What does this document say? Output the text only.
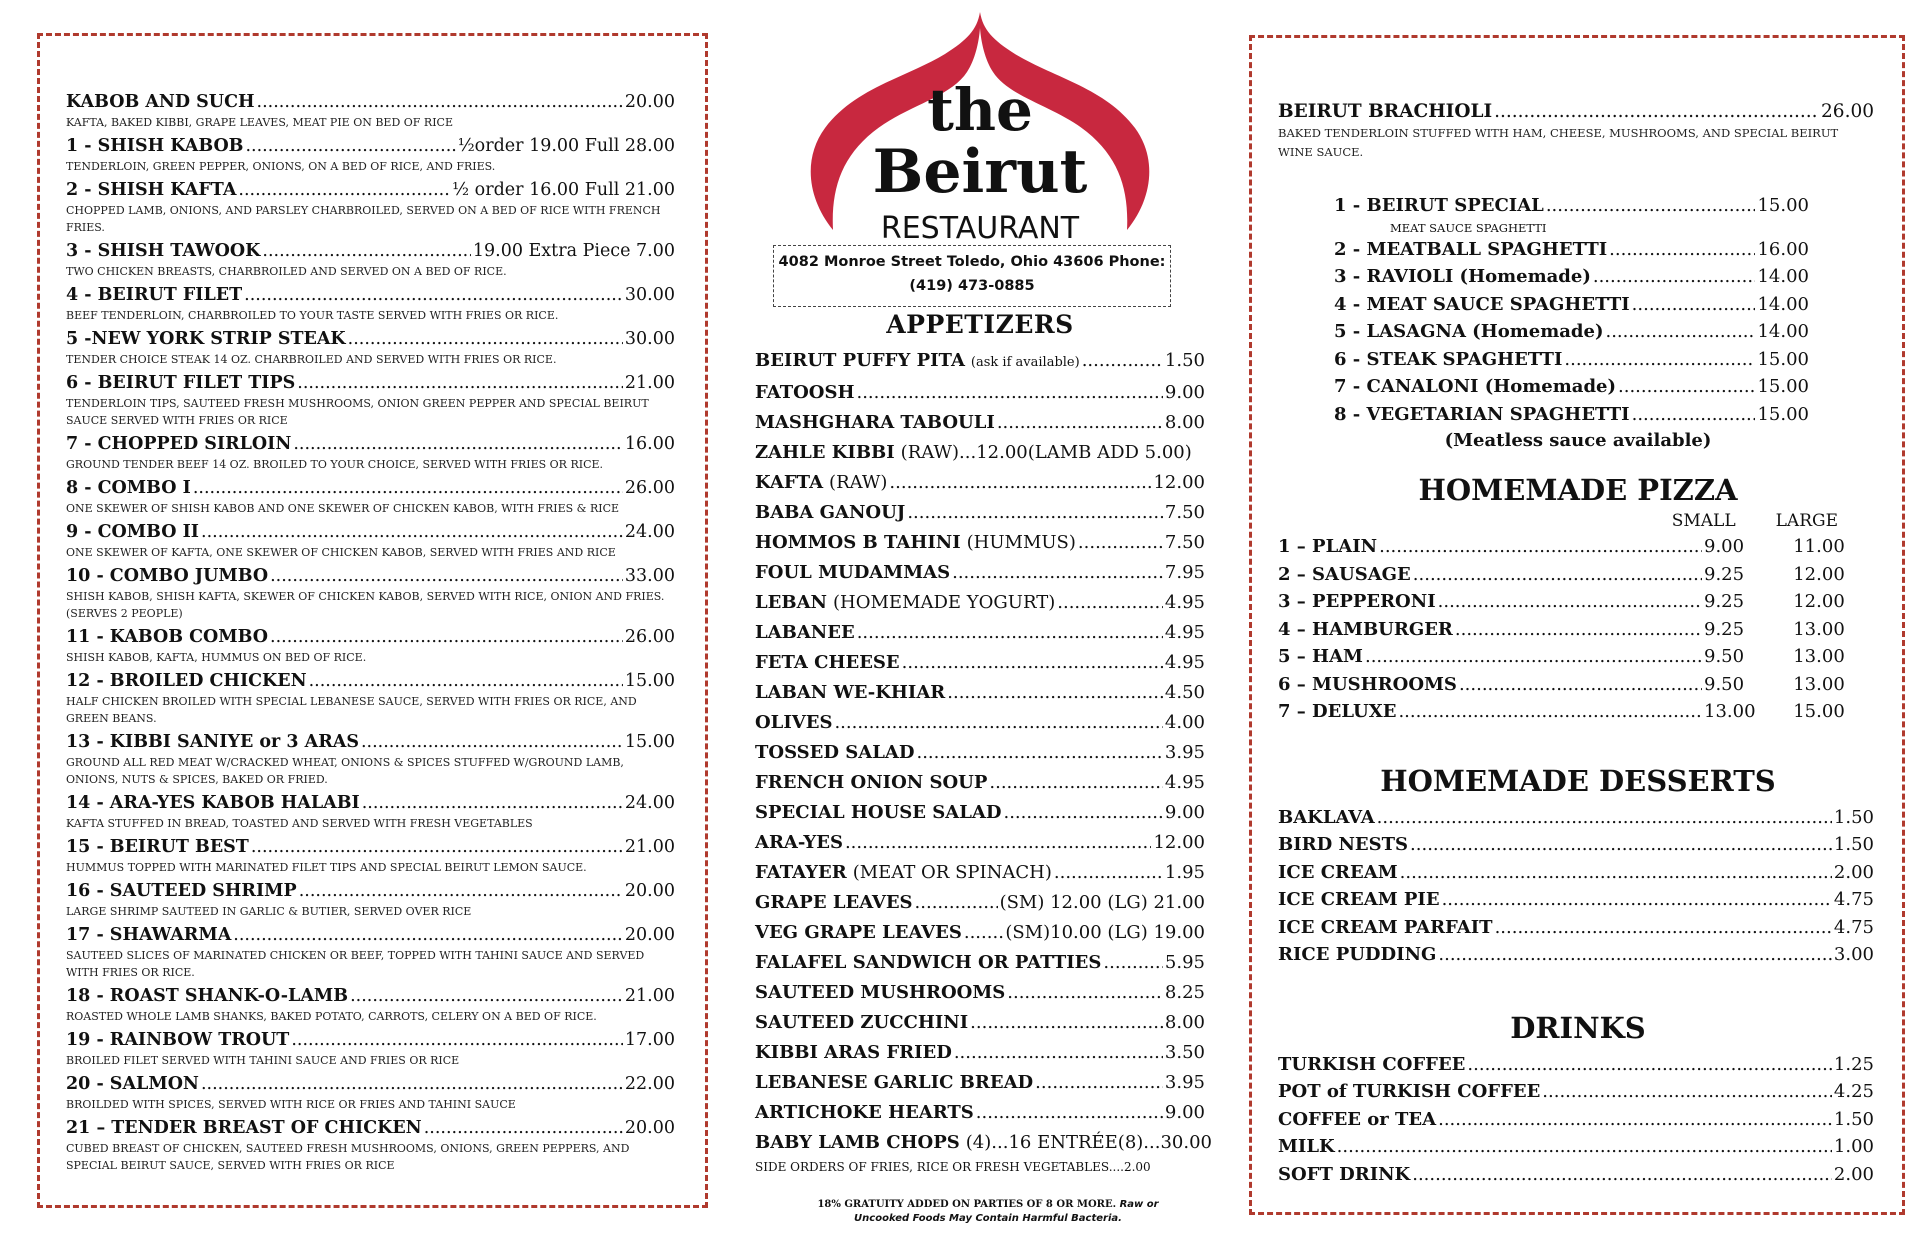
KABOB AND SUCH .....	20.00
KAFTA, BAKED KIBBI, GRAPE LEAVES, MEAT PIE ON BED OF RICE
1 - SHISH KABOB .....	½order 19.00 Full 28.00
TENDERLOIN, GREEN PEPPER, ONIONS, ON A BED OF RICE, AND FRIES.
2 - SHISH KAFTA .....	½ order 16.00 Full 21.00
CHOPPED LAMB, ONIONS, AND PARSLEY CHARBROILED, SERVED ON A BED OF RICE WITH FRENCH FRIES.
3 - SHISH TAWOOK .....	19.00 Extra Piece 7.00
TWO CHICKEN BREASTS, CHARBROILED AND SERVED ON A BED OF RICE.
4 - BEIRUT FILET .....	30.00
BEEF TENDERLOIN, CHARBROILED TO YOUR TASTE SERVED WITH FRIES OR RICE.
5 -NEW YORK STRIP STEAK .....	30.00
TENDER CHOICE STEAK 14 OZ. CHARBROILED AND SERVED WITH FRIES OR RICE.
6 - BEIRUT FILET TIPS .....	21.00
TENDERLOIN TIPS, SAUTEED FRESH MUSHROOMS, ONION GREEN PEPPER AND SPECIAL BEIRUT SAUCE SERVED WITH FRIES OR RICE
7 - CHOPPED SIRLOIN .....	16.00
GROUND TENDER BEEF 14 OZ. BROILED TO YOUR CHOICE, SERVED WITH FRIES OR RICE.
8 - COMBO I .....	26.00
ONE SKEWER OF SHISH KABOB AND ONE SKEWER OF CHICKEN KABOB, WITH FRIES & RICE
9 - COMBO II .....	24.00
ONE SKEWER OF KAFTA, ONE SKEWER OF CHICKEN KABOB, SERVED WITH FRIES AND RICE
10 - COMBO JUMBO .....	33.00
SHISH KABOB, SHISH KAFTA, SKEWER OF CHICKEN KABOB, SERVED WITH RICE, ONION AND FRIES. (SERVES 2 PEOPLE)
11 - KABOB COMBO .....	26.00
SHISH KABOB, KAFTA, HUMMUS ON BED OF RICE.
12 - BROILED CHICKEN .....	15.00
HALF CHICKEN BROILED WITH SPECIAL LEBANESE SAUCE, SERVED WITH FRIES OR RICE, AND GREEN BEANS.
13 - KIBBI SANIYE or 3 ARAS .....	15.00
GROUND ALL RED MEAT W/CRACKED WHEAT, ONIONS & SPICES STUFFED W/GROUND LAMB, ONIONS, NUTS & SPICES, BAKED OR FRIED.
14 - ARA-YES KABOB HALABI .....	24.00
KAFTA STUFFED IN BREAD, TOASTED AND SERVED WITH FRESH VEGETABLES
15 - BEIRUT BEST .....	21.00
HUMMUS TOPPED WITH MARINATED FILET TIPS AND SPECIAL BEIRUT LEMON SAUCE.
16 - SAUTEED SHRIMP .....	20.00
LARGE SHRIMP SAUTEED IN GARLIC & BUTIER, SERVED OVER RICE
17 - SHAWARMA .....	20.00
SAUTEED SLICES OF MARINATED CHICKEN OR BEEF, TOPPED WITH TAHINI SAUCE AND SERVED WITH FRIES OR RICE.
18 - ROAST SHANK-O-LAMB .....	21.00
ROASTED WHOLE LAMB SHANKS, BAKED POTATO, CARROTS, CELERY ON A BED OF RICE.
19 - RAINBOW TROUT .....	17.00
BROILED FILET SERVED WITH TAHINI SAUCE AND FRIES OR RICE
20 - SALMON .....	22.00
BROILDED WITH SPICES, SERVED WITH RICE OR FRIES AND TAHINI SAUCE
21 – TENDER BREAST OF CHICKEN .....	20.00
CUBED BREAST OF CHICKEN, SAUTEED FRESH MUSHROOMS, ONIONS, GREEN PEPPERS, AND SPECIAL BEIRUT SAUCE, SERVED WITH FRIES OR RICE
the
Beirut
RESTAURANT
4082 Monroe Street Toledo, Ohio 43606 Phone:
(419) 473-0885
APPETIZERS
BEIRUT PUFFY PITA (ask if available) .....	1.50
FATOOSH .....	9.00
MASHGHARA TABOULI .....	8.00
ZAHLE KIBBI (RAW)...12.00(LAMB ADD 5.00)
KAFTA (RAW) .....	12.00
BABA GANOUJ .....	7.50
HOMMOS B TAHINI (HUMMUS) .....	7.50
FOUL MUDAMMAS .....	7.95
LEBAN (HOMEMADE YOGURT) .....	4.95
LABANEE .....	4.95
FETA CHEESE .....	4.95
LABAN WE-KHIAR .....	4.50
OLIVES .....	4.00
TOSSED SALAD .....	3.95
FRENCH ONION SOUP .....	4.95
SPECIAL HOUSE SALAD .....	9.00
ARA-YES .....	12.00
FATAYER (MEAT OR SPINACH) .....	1.95
GRAPE LEAVES .....	(SM) 12.00 (LG) 21.00
VEG GRAPE LEAVES ..... (SM)10.00 (LG) 19.00
FALAFEL SANDWICH OR PATTIES .....	5.95
SAUTEED MUSHROOMS .....	8.25
SAUTEED ZUCCHINI .....	8.00
KIBBI ARAS FRIED .....	3.50
LEBANESE GARLIC BREAD .....	3.95
ARTICHOKE HEARTS .....	9.00
BABY LAMB CHOPS (4)...16 ENTRÉE(8)...30.00
SIDE ORDERS OF FRIES, RICE OR FRESH VEGETABLES....2.00
18% GRATUITY ADDED ON PARTIES OF 8 OR MORE. Raw or Uncooked Foods May Contain Harmful Bacteria.
BEIRUT BRACHIOLI .....	26.00
BAKED TENDERLOIN STUFFED WITH HAM, CHEESE, MUSHROOMS, AND SPECIAL BEIRUT WINE SAUCE.
1 - BEIRUT SPECIAL .....	15.00
MEAT SAUCE SPAGHETTI
2 - MEATBALL SPAGHETTI .....	16.00
3 - RAVIOLI (Homemade) .....	14.00
4 - MEAT SAUCE SPAGHETTI .....	14.00
5 - LASAGNA (Homemade) .....	14.00
6 - STEAK SPAGHETTI .....	15.00
7 - CANALONI (Homemade) .....	15.00
8 - VEGETARIAN SPAGHETTI .....	15.00
(Meatless sauce available)
HOMEMADE PIZZA
SMALL LARGE
1 – PLAIN .....	9.00	11.00
2 – SAUSAGE .....	9.25	12.00
3 – PEPPERONI .....	9.25	12.00
4 – HAMBURGER .....	9.25	13.00
5 – HAM .....	9.50	13.00
6 – MUSHROOMS .....	9.50	13.00
7 – DELUXE .....	13.00	15.00
HOMEMADE DESSERTS
BAKLAVA .....	1.50
BIRD NESTS .....	1.50
ICE CREAM .....	2.00
ICE CREAM PIE .....	4.75
ICE CREAM PARFAIT .....	4.75
RICE PUDDING .....	3.00
DRINKS
TURKISH COFFEE .....	1.25
POT of TURKISH COFFEE .....	4.25
COFFEE or TEA .....	1.50
MILK .....	1.00
SOFT DRINK .....	2.00
